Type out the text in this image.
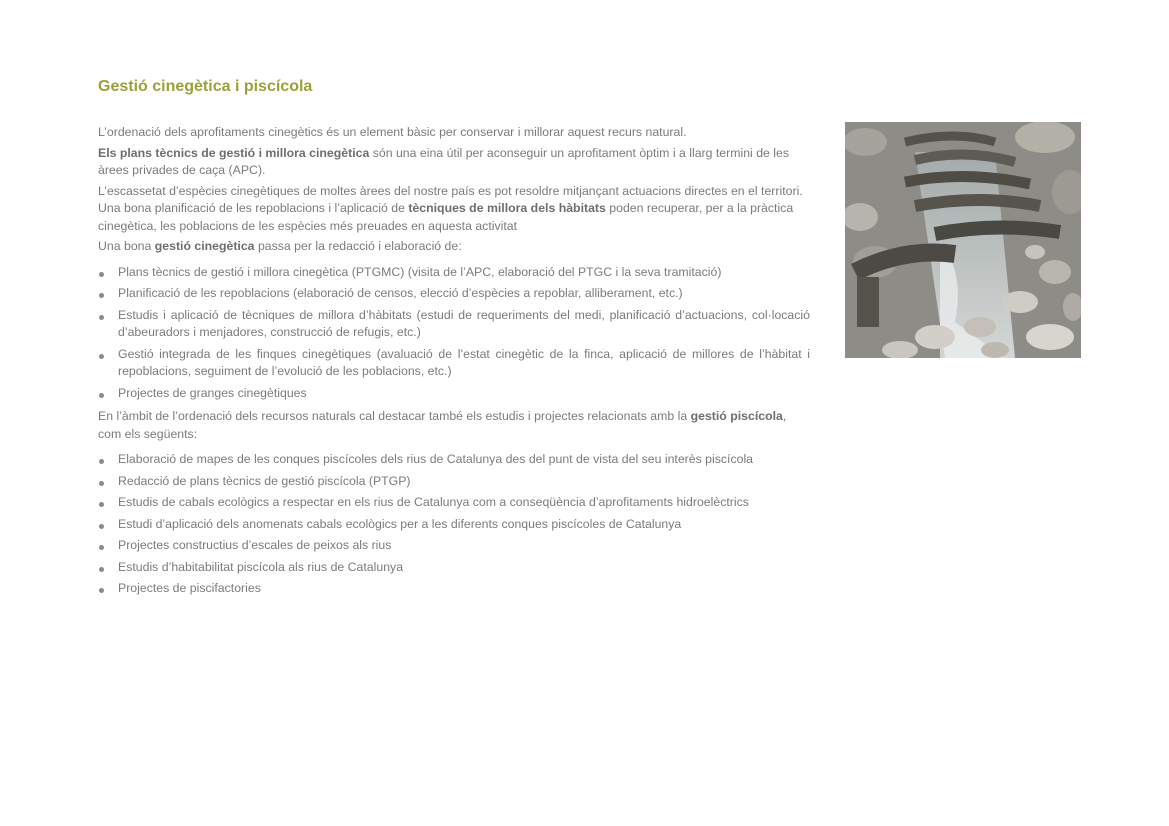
Gestió cinegètica i piscícola

L’ordenació dels aprofitaments cinegètics és un element bàsic per conservar i millorar aquest recurs natural.

Els plans tècnics de gestió i millora cinegètica són una eina útil per aconseguir un aprofitament òptim i a llarg termini de les àrees privades de caça (APC).

L’escassetat d’espècies cinegètiques de moltes àrees del nostre país es pot resoldre mitjançant actuacions directes en el territori. Una bona planificació de les repoblacions i l’aplicació de tècniques de millora dels hàbitats poden recuperar, per a la pràctica cinegètica, les poblacions de les espècies més preuades en aquesta activitat

Una bona gestió cinegètica passa per la redacció i elaboració de:

Plans tècnics de gestió i millora cinegètica (PTGMC) (visita de l’APC, elaboració del PTGC i la seva tramitació)
Planificació de les repoblacions (elaboració de censos, elecció d’espècies a repoblar, alliberament, etc.)
Estudis i aplicació de tècniques de millora d’hàbitats (estudi de requeriments del medi, planificació d’actuacions, col·locació d’abeuradors i menjadores, construcció de refugis, etc.)
Gestió integrada de les finques cinegètiques (avaluació de l’estat cinegètic de la finca, aplicació de millores de l’hàbitat i repoblacions, seguiment de l’evolució de les poblacions, etc.)
Projectes de granges cinegètiques

En l’àmbit de l’ordenació dels recursos naturals cal destacar també els estudis i projectes relacionats amb la gestió piscícola, com els següents:

Elaboració de mapes de les conques piscícoles dels rius de Catalunya des del punt de vista del seu interès piscícola
Redacció de plans tècnics de gestió piscícola (PTGP)
Estudis de cabals ecològics a respectar en els rius de Catalunya com a conseqüència d’aprofitaments hidroelèctrics
Estudi d’aplicació dels anomenats cabals ecològics per a les diferents conques piscícoles de Catalunya
Projectes constructius d’escales de peixos als rius
Estudis d’habitabilitat piscícola als rius de Catalunya
Projectes de piscifactories
